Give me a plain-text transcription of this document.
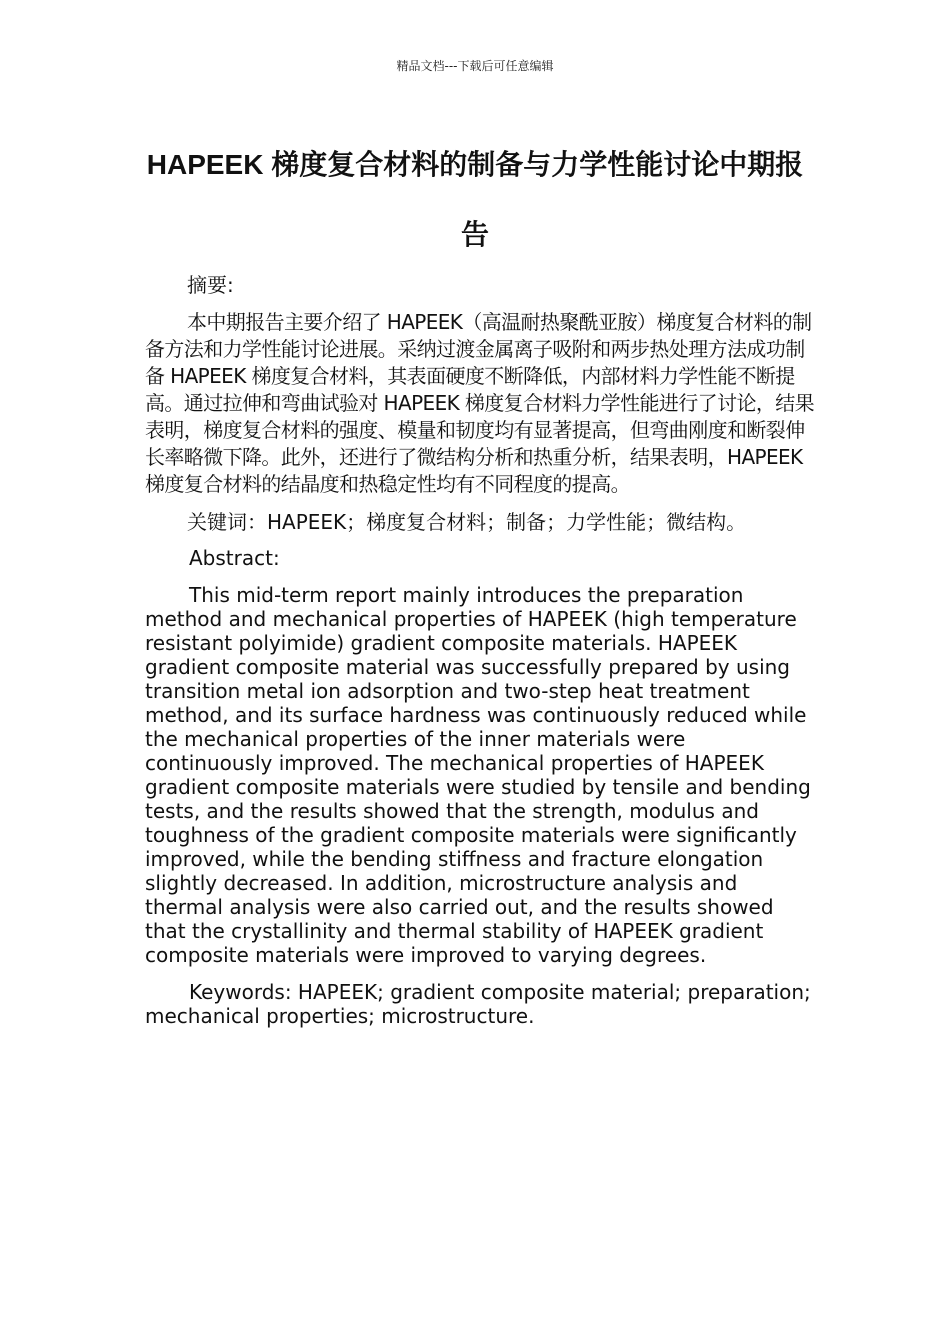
精品文档---下载后可任意编辑
HAPEEK 梯度复合材料的制备与力学性能讨论中期报告

摘要:

本中期报告主要介绍了 HAPEEK（高温耐热聚酰亚胺）梯度复合材料的制备方法和力学性能讨论进展。采纳过渡金属离子吸附和两步热处理方法成功制备 HAPEEK 梯度复合材料，其表面硬度不断降低，内部材料力学性能不断提高。通过拉伸和弯曲试验对 HAPEEK 梯度复合材料力学性能进行了讨论，结果表明，梯度复合材料的强度、模量和韧度均有显著提高，但弯曲刚度和断裂伸长率略微下降。此外，还进行了微结构分析和热重分析，结果表明，HAPEEK 梯度复合材料的结晶度和热稳定性均有不同程度的提高。

关键词：HAPEEK；梯度复合材料；制备；力学性能；微结构。

Abstract:

This mid-term report mainly introduces the preparation method and mechanical properties of HAPEEK (high temperature resistant polyimide) gradient composite materials. HAPEEK gradient composite material was successfully prepared by using transition metal ion adsorption and two-step heat treatment method, and its surface hardness was continuously reduced while the mechanical properties of the inner materials were continuously improved. The mechanical properties of HAPEEK gradient composite materials were studied by tensile and bending tests, and the results showed that the strength, modulus and toughness of the gradient composite materials were significantly improved, while the bending stiffness and fracture elongation slightly decreased. In addition, microstructure analysis and thermal analysis were also carried out, and the results showed that the crystallinity and thermal stability of HAPEEK gradient composite materials were improved to varying degrees.

Keywords: HAPEEK; gradient composite material; preparation; mechanical properties; microstructure.
